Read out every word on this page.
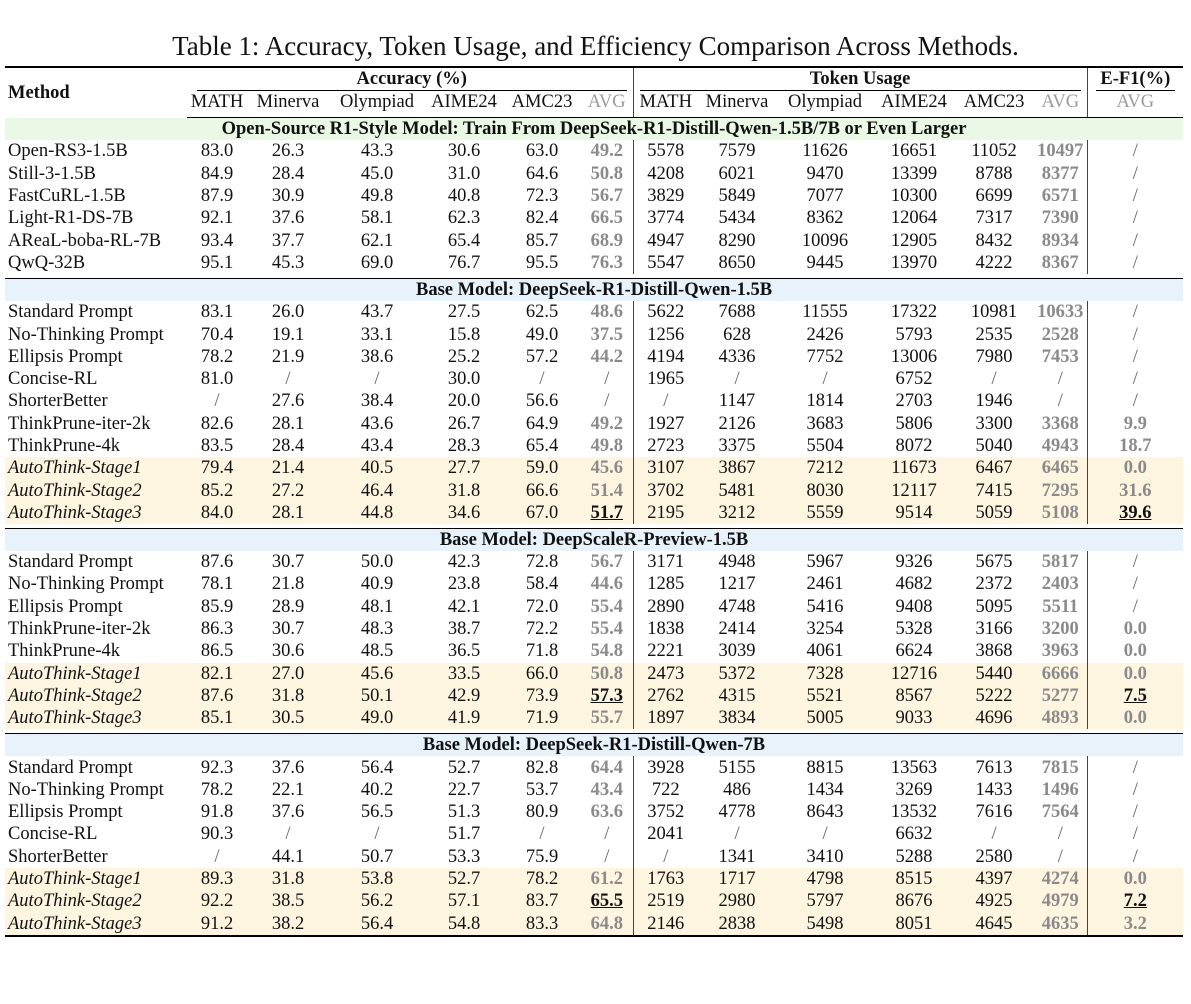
Table 1: Accuracy, Token Usage, and Efficiency Comparison Across Methods.
Method	Accuracy (%)						Token Usage						E-F1(%)

	MATH	Minerva	Olympiad	AIME24	AMC23	AVG	MATH	Minerva	Olympiad	AIME24	AMC23	AVG	AVG
Open-Source R1-Style Model: Train From DeepSeek-R1-Distill-Qwen-1.5B/7B or Even Larger													
Open-RS3-1.5B	83.0	26.3	43.3	30.6	63.0	49.2	5578	7579	11626	16651	11052	10497	/
Still-3-1.5B	84.9	28.4	45.0	31.0	64.6	50.8	4208	6021	9470	13399	8788	8377	/
FastCuRL-1.5B	87.9	30.9	49.8	40.8	72.3	56.7	3829	5849	7077	10300	6699	6571	/
Light-R1-DS-7B	92.1	37.6	58.1	62.3	82.4	66.5	3774	5434	8362	12064	7317	7390	/
AReaL-boba-RL-7B	93.4	37.7	62.1	65.4	85.7	68.9	4947	8290	10096	12905	8432	8934	/
QwQ-32B	95.1	45.3	69.0	76.7	95.5	76.3	5547	8650	9445	13970	4222	8367	/

Base Model: DeepSeek-R1-Distill-Qwen-1.5B													
Standard Prompt	83.1	26.0	43.7	27.5	62.5	48.6	5622	7688	11555	17322	10981	10633	/
No-Thinking Prompt	70.4	19.1	33.1	15.8	49.0	37.5	1256	628	2426	5793	2535	2528	/
Ellipsis Prompt	78.2	21.9	38.6	25.2	57.2	44.2	4194	4336	7752	13006	7980	7453	/
Concise-RL	81.0	/	/	30.0	/	/	1965	/	/	6752	/	/	/
ShorterBetter	/	27.6	38.4	20.0	56.6	/	/	1147	1814	2703	1946	/	/
ThinkPrune-iter-2k	82.6	28.1	43.6	26.7	64.9	49.2	1927	2126	3683	5806	3300	3368	9.9
ThinkPrune-4k	83.5	28.4	43.4	28.3	65.4	49.8	2723	3375	5504	8072	5040	4943	18.7
AutoThink-Stage1	79.4	21.4	40.5	27.7	59.0	45.6	3107	3867	7212	11673	6467	6465	0.0
AutoThink-Stage2	85.2	27.2	46.4	31.8	66.6	51.4	3702	5481	8030	12117	7415	7295	31.6
AutoThink-Stage3	84.0	28.1	44.8	34.6	67.0	51.7	2195	3212	5559	9514	5059	5108	39.6

Base Model: DeepScaleR-Preview-1.5B													
Standard Prompt	87.6	30.7	50.0	42.3	72.8	56.7	3171	4948	5967	9326	5675	5817	/
No-Thinking Prompt	78.1	21.8	40.9	23.8	58.4	44.6	1285	1217	2461	4682	2372	2403	/
Ellipsis Prompt	85.9	28.9	48.1	42.1	72.0	55.4	2890	4748	5416	9408	5095	5511	/
ThinkPrune-iter-2k	86.3	30.7	48.3	38.7	72.2	55.4	1838	2414	3254	5328	3166	3200	0.0
ThinkPrune-4k	86.5	30.6	48.5	36.5	71.8	54.8	2221	3039	4061	6624	3868	3963	0.0
AutoThink-Stage1	82.1	27.0	45.6	33.5	66.0	50.8	2473	5372	7328	12716	5440	6666	0.0
AutoThink-Stage2	87.6	31.8	50.1	42.9	73.9	57.3	2762	4315	5521	8567	5222	5277	7.5
AutoThink-Stage3	85.1	30.5	49.0	41.9	71.9	55.7	1897	3834	5005	9033	4696	4893	0.0

Base Model: DeepSeek-R1-Distill-Qwen-7B													
Standard Prompt	92.3	37.6	56.4	52.7	82.8	64.4	3928	5155	8815	13563	7613	7815	/
No-Thinking Prompt	78.2	22.1	40.2	22.7	53.7	43.4	722	486	1434	3269	1433	1496	/
Ellipsis Prompt	91.8	37.6	56.5	51.3	80.9	63.6	3752	4778	8643	13532	7616	7564	/
Concise-RL	90.3	/	/	51.7	/	/	2041	/	/	6632	/	/	/
ShorterBetter	/	44.1	50.7	53.3	75.9	/	/	1341	3410	5288	2580	/	/
AutoThink-Stage1	89.3	31.8	53.8	52.7	78.2	61.2	1763	1717	4798	8515	4397	4274	0.0
AutoThink-Stage2	92.2	38.5	56.2	57.1	83.7	65.5	2519	2980	5797	8676	4925	4979	7.2
AutoThink-Stage3	91.2	38.2	56.4	54.8	83.3	64.8	2146	2838	5498	8051	4645	4635	3.2
